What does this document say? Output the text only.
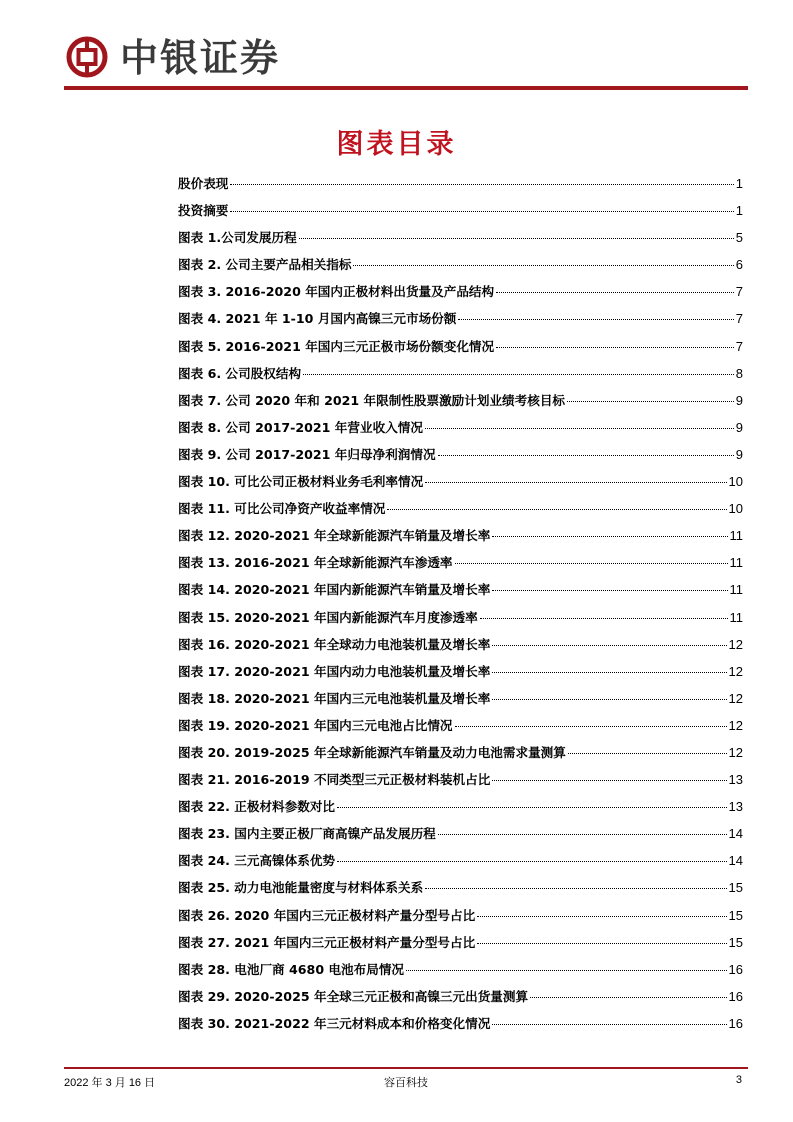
中银证券
图表目录
股价表现	1
投资摘要	1
图表 1.公司发展历程	5
图表 2. 公司主要产品相关指标	6
图表 3. 2016-2020 年国内正极材料出货量及产品结构	7
图表 4. 2021 年 1-10 月国内高镍三元市场份额	7
图表 5. 2016-2021 年国内三元正极市场份额变化情况	7
图表 6. 公司股权结构	8
图表 7. 公司 2020 年和 2021 年限制性股票激励计划业绩考核目标	9
图表 8. 公司 2017-2021 年营业收入情况	9
图表 9. 公司 2017-2021 年归母净利润情况	9
图表 10. 可比公司正极材料业务毛利率情况	10
图表 11. 可比公司净资产收益率情况	10
图表 12. 2020-2021 年全球新能源汽车销量及增长率	11
图表 13. 2016-2021 年全球新能源汽车渗透率	11
图表 14. 2020-2021 年国内新能源汽车销量及增长率	11
图表 15. 2020-2021 年国内新能源汽车月度渗透率	11
图表 16. 2020-2021 年全球动力电池装机量及增长率	12
图表 17. 2020-2021 年国内动力电池装机量及增长率	12
图表 18. 2020-2021 年国内三元电池装机量及增长率	12
图表 19. 2020-2021 年国内三元电池占比情况	12
图表 20. 2019-2025 年全球新能源汽车销量及动力电池需求量测算	12
图表 21. 2016-2019 不同类型三元正极材料装机占比	13
图表 22. 正极材料参数对比	13
图表 23. 国内主要正极厂商高镍产品发展历程	14
图表 24. 三元高镍体系优势	14
图表 25. 动力电池能量密度与材料体系关系	15
图表 26. 2020 年国内三元正极材料产量分型号占比	15
图表 27. 2021 年国内三元正极材料产量分型号占比	15
图表 28. 电池厂商 4680 电池布局情况	16
图表 29. 2020-2025 年全球三元正极和高镍三元出货量测算	16
图表 30. 2021-2022 年三元材料成本和价格变化情况	16
2022 年 3 月 16 日	容百科技	3
